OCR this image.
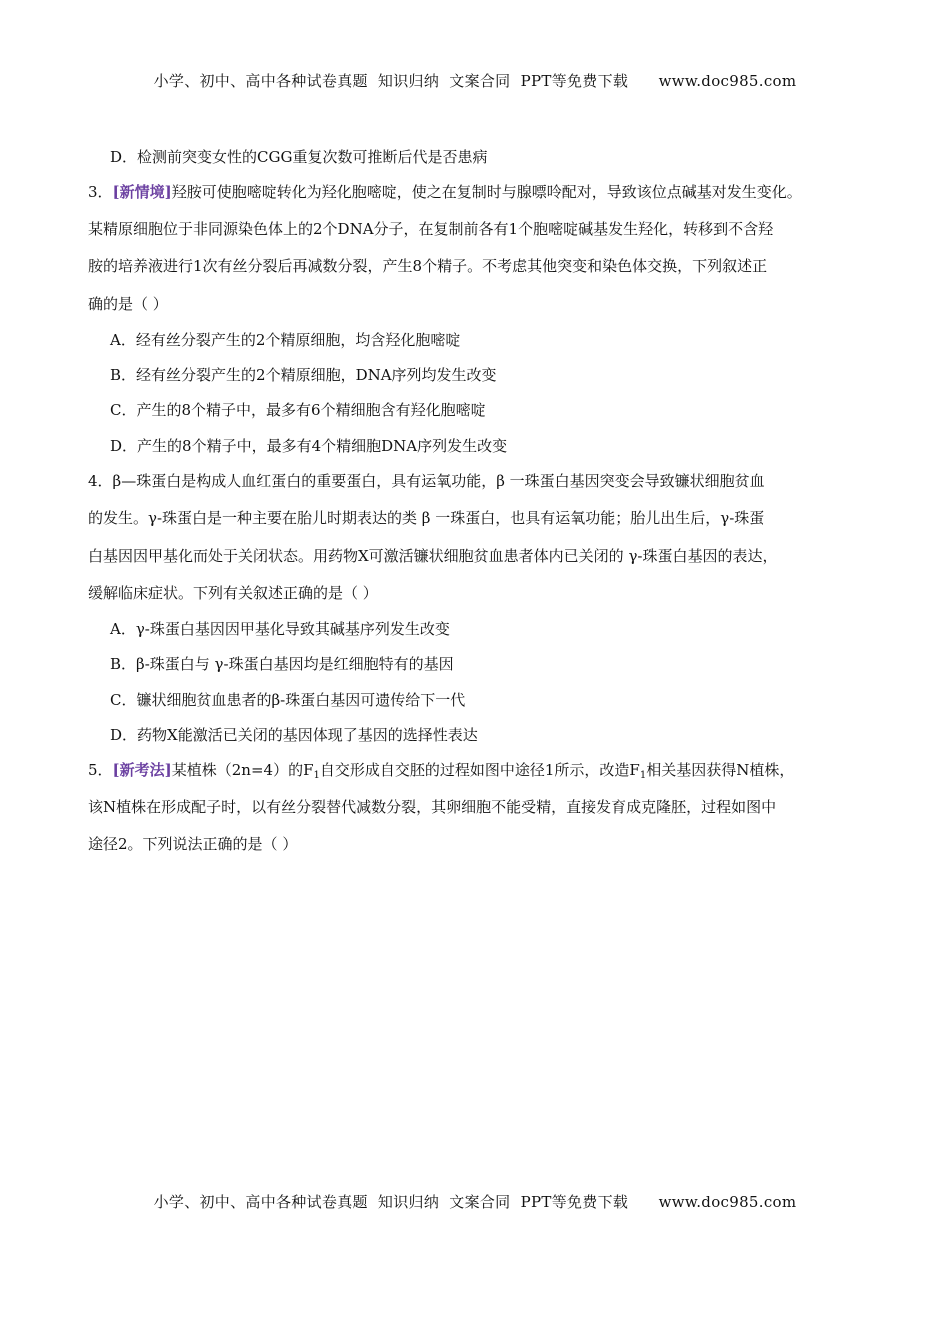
小学、初中、高中各种试卷真题  知识归纳  文案合同  PPT等免费下载      www.doc985.com
D．检测前突变女性的CGG重复次数可推断后代是否患病
3．[新情境]羟胺可使胞嘧啶转化为羟化胞嘧啶，使之在复制时与腺嘌呤配对，导致该位点碱基对发生变化。
某精原细胞位于非同源染色体上的2个DNA分子，在复制前各有1个胞嘧啶碱基发生羟化，转移到不含羟
胺的培养液进行1次有丝分裂后再减数分裂，产生8个精子。不考虑其他突变和染色体交换，下列叙述正
确的是（ ）
A．经有丝分裂产生的2个精原细胞，均含羟化胞嘧啶
B．经有丝分裂产生的2个精原细胞，DNA序列均发生改变
C．产生的8个精子中，最多有6个精细胞含有羟化胞嘧啶
D．产生的8个精子中，最多有4个精细胞DNA序列发生改变
4．β—珠蛋白是构成人血红蛋白的重要蛋白，具有运氧功能，β 一珠蛋白基因突变会导致镰状细胞贫血
的发生。γ-珠蛋白是一种主要在胎儿时期表达的类 β 一珠蛋白，也具有运氧功能；胎儿出生后，γ-珠蛋
白基因因甲基化而处于关闭状态。用药物X可激活镰状细胞贫血患者体内已关闭的 γ-珠蛋白基因的表达，
缓解临床症状。下列有关叙述正确的是（ ）
A．γ-珠蛋白基因因甲基化导致其碱基序列发生改变
B．β-珠蛋白与 γ-珠蛋白基因均是红细胞特有的基因
C．镰状细胞贫血患者的β-珠蛋白基因可遗传给下一代
D．药物X能激活已关闭的基因体现了基因的选择性表达
5．[新考法]某植株（2n=4）的$F_1$自交形成自交胚的过程如图中途径1所示，改造$F_1$相关基因获得N植株，
该N植株在形成配子时，以有丝分裂替代减数分裂，其卵细胞不能受精，直接发育成克隆胚，过程如图中
途径2。下列说法正确的是（ ）
小学、初中、高中各种试卷真题  知识归纳  文案合同  PPT等免费下载      www.doc985.com
